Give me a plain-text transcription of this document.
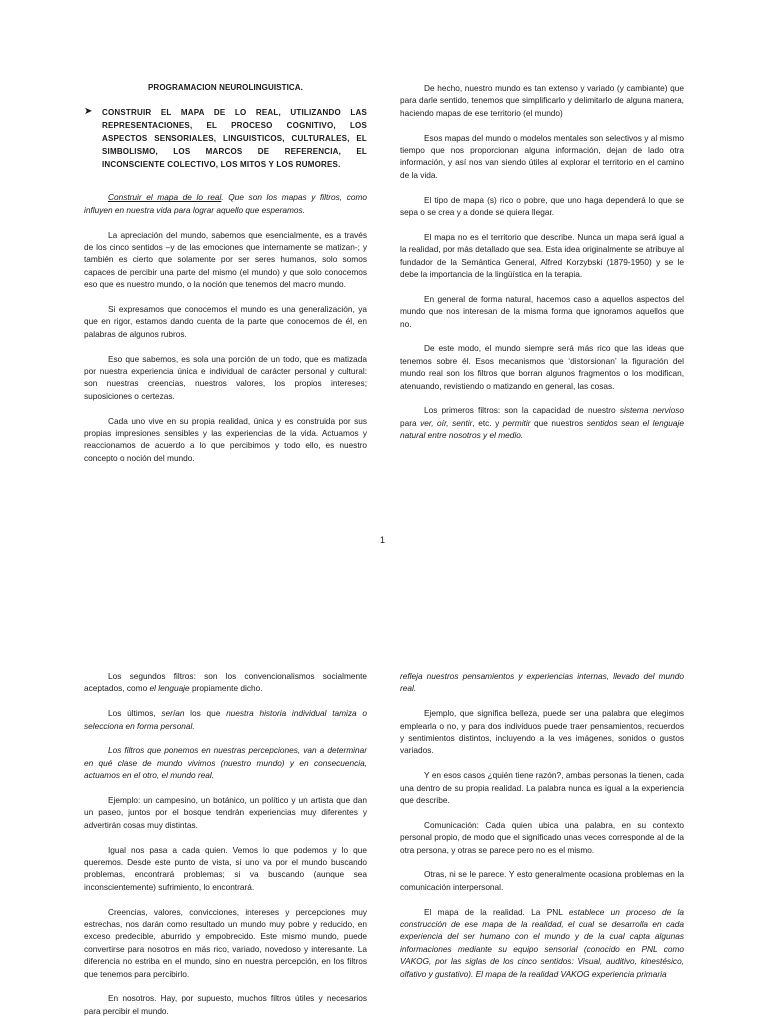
PROGRAMACION NEUROLINGUISTICA.
➤	CONSTRUIR EL MAPA DE LO REAL, UTILIZANDO LAS REPRESENTACIONES, EL PROCESO COGNITIVO, LOS ASPECTOS SENSORIALES, LINGUISTICOS, CULTURALES, EL SIMBOLISMO, LOS MARCOS DE REFERENCIA, EL INCONSCIENTE COLECTIVO, LOS MITOS Y LOS RUMORES.

Construir el mapa de lo real. Que son los mapas y filtros, como influyen en nuestra vida para lograr aquello que esperamos.

La apreciación del mundo, sabemos que esencialmente, es a través de los cinco sentidos –y de las emociones que internamente se matizan-; y también es cierto que solamente por ser seres humanos, solo somos capaces de percibir una parte del mismo (el mundo) y que solo conocemos eso que es nuestro mundo, o la noción que tenemos del macro mundo.

Si expresamos que conocemos el mundo es una generalización, ya que en rigor, estamos dando cuenta de la parte que conocemos de él, en palabras de algunos rubros.

Eso que sabemos, es sola una porción de un todo, que es matizada por nuestra experiencia única e individual de carácter personal y cultural: son nuestras creencias, nuestros valores, los propios intereses; suposiciones o certezas.

Cada uno vive en su propia realidad, única y es construida por sus propias impresiones sensibles y las experiencias de la vida. Actuamos y reaccionamos de acuerdo a lo que percibimos y todo ello, es nuestro concepto o noción del mundo.

De hecho, nuestro mundo es tan extenso y variado (y cambiante) que para darle sentido, tenemos que simplificarlo y delimitarlo de alguna manera, haciendo mapas de ese territorio (el mundo)

Esos mapas del mundo o modelos mentales son selectivos y al mismo tiempo que nos proporcionan alguna información, dejan de lado otra información, y así nos van siendo útiles al explorar el territorio en el camino de la vida.

El tipo de mapa (s) rico o pobre, que uno haga dependerá lo que se sepa o se crea y a donde se quiera llegar.

El mapa no es el territorio que describe. Nunca un mapa será igual a la realidad, por más detallado que sea. Esta idea originalmente se atribuye al fundador de la Semántica General, Alfred Korzybski (1879-1950) y se le debe la importancia de la lingüística en la terapia.

En general de forma natural, hacemos caso a aquellos aspectos del mundo que nos interesan de la misma forma que ignoramos aquellos que no.

De este modo, el mundo siempre será más rico que las ideas que tenemos sobre él. Esos mecanismos que ‘distorsionan’ la figuración del mundo real son los filtros que borran algunos fragmentos o los modifican, atenuando, revistiendo o matizando en general, las cosas.

Los primeros filtros: son la capacidad de nuestro sistema nervioso para ver, oír, sentir, etc. y permitir que nuestros sentidos sean el lenguaje natural entre nosotros y el medio.

1

Los segundos filtros: son los convencionalismos socialmente aceptados, como el lenguaje propiamente dicho.

Los últimos, serían los que nuestra historia individual tamiza o selecciona en forma personal.

Los filtros que ponemos en nuestras percepciones, van a determinar en qué clase de mundo vivimos (nuestro mundo) y en consecuencia, actuamos en el otro, el mundo real.

Ejemplo: un campesino, un botánico, un político y un artista que dan un paseo, juntos por el bosque tendrán experiencias muy diferentes y advertirán cosas muy distintas.

Igual nos pasa a cada quien. Vemos lo que podemos y lo que queremos. Desde este punto de vista, si uno va por el mundo buscando problemas, encontrará problemas; si va buscando (aunque sea inconscientemente) sufrimiento, lo encontrará.

Creencias, valores, convicciones, intereses y percepciones muy estrechas, nos darán como resultado un mundo muy pobre y reducido, en exceso predecible, aburrido y empobrecido. Este mismo mundo, puede convertirse para nosotros en más rico, variado, novedoso y interesante. La diferencia no estriba en el mundo, sino en nuestra percepción, en los filtros que tenemos para percibirlo.

En nosotros. Hay, por supuesto, muchos filtros útiles y necesarios para percibir el mundo.

refleja nuestros pensamientos y experiencias internas, llevado del mundo real.

Ejemplo, que significa belleza, puede ser una palabra que elegimos emplearla o no, y para dos individuos puede traer pensamientos, recuerdos y sentimientos distintos, incluyendo a la ves imágenes, sonidos o gustos variados.

Y en esos casos ¿quién tiene razón?, ambas personas la tienen, cada una dentro de su propia realidad. La palabra nunca es igual a la experiencia que describe.

Comunicación: Cada quien ubica una palabra, en su contexto personal propio, de modo que el significado unas veces corresponde al de la otra persona, y otras se parece pero no es el mismo.

Otras, ni se le parece. Y esto generalmente ocasiona problemas en la comunicación interpersonal.

El mapa de la realidad. La PNL establece un proceso de la construcción de ese mapa de la realidad, el cual se desarrolla en cada experiencia del ser humano con el mundo y de la cual capta algunas informaciones mediante su equipo sensorial (conocido en PNL como VAKOG, por las siglas de los cinco sentidos: Visual, auditivo, kinestésico, olfativo y gustativo). El mapa de la realidad VAKOG experiencia primaria
